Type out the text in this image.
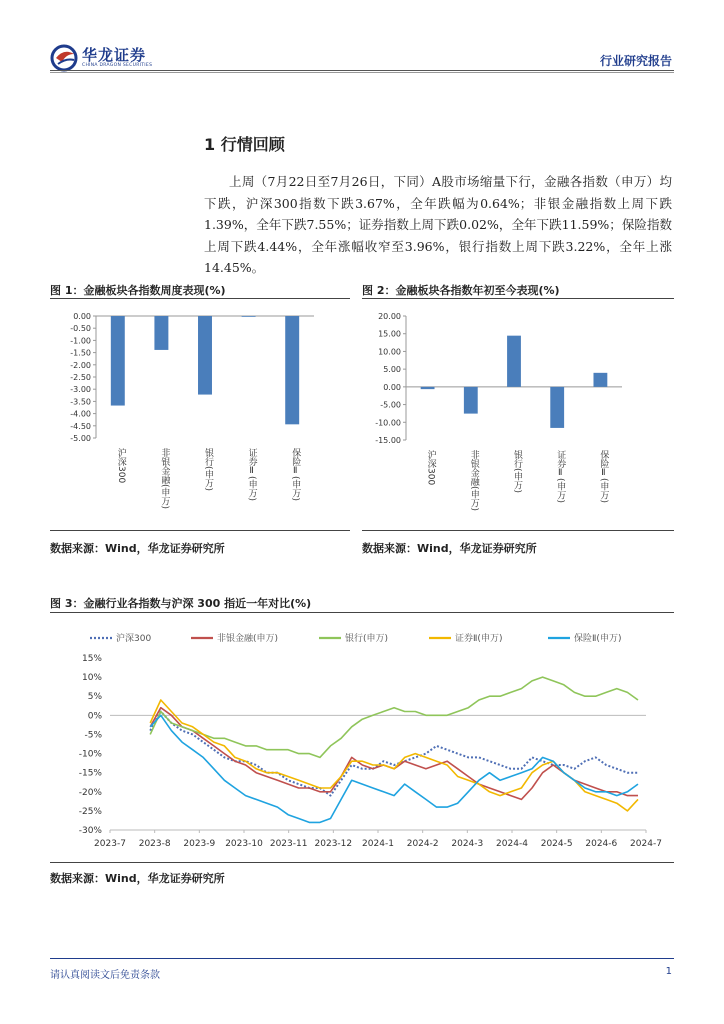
华龙证券
CHINA DRAGON SECURITIES	行业研究报告
1 行情回顾
上周（7月22日至7月26日，下同）A股市场缩量下行，金融各指数（申万）均下跌，沪深300指数下跌3.67%，全年跌幅为0.64%；非银金融指数上周下跌1.39%，全年下跌7.55%；证券指数上周下跌0.02%，全年下跌11.59%；保险指数上周下跌4.44%，全年涨幅收窄至3.96%，银行指数上周下跌3.22%，全年上涨14.45%。
图 1：金融板块各指数周度表现(%)
0.00
-0.50
-1.00
-1.50
-2.00
-2.50
-3.00
-3.50
-4.00
-4.50
-5.00
沪深300	非银金融(申万)	银行(申万)	证券Ⅱ(申万)	保险Ⅱ(申万)
数据来源：Wind，华龙证券研究所
图 2：金融板块各指数年初至今表现(%)
20.00
15.00
10.00
5.00
0.00
-5.00
-10.00
-15.00
沪深300	非银金融(申万)	银行(申万)	证券Ⅱ(申万)	保险Ⅱ(申万)
数据来源：Wind，华龙证券研究所
图 3：金融行业各指数与沪深 300 指近一年对比(%)
沪深300	非银金融(申万)	银行(申万)	证券Ⅱ(申万)	保险Ⅱ(申万)
15%
10%
5%
0%
-5%
-10%
-15%
-20%
-25%
-30%
2023-7 2023-8 2023-9 2023-10 2023-11 2023-12 2024-1 2024-2 2024-3 2024-4 2024-5 2024-6 2024-7
数据来源：Wind，华龙证券研究所
请认真阅读文后免责条款	1
